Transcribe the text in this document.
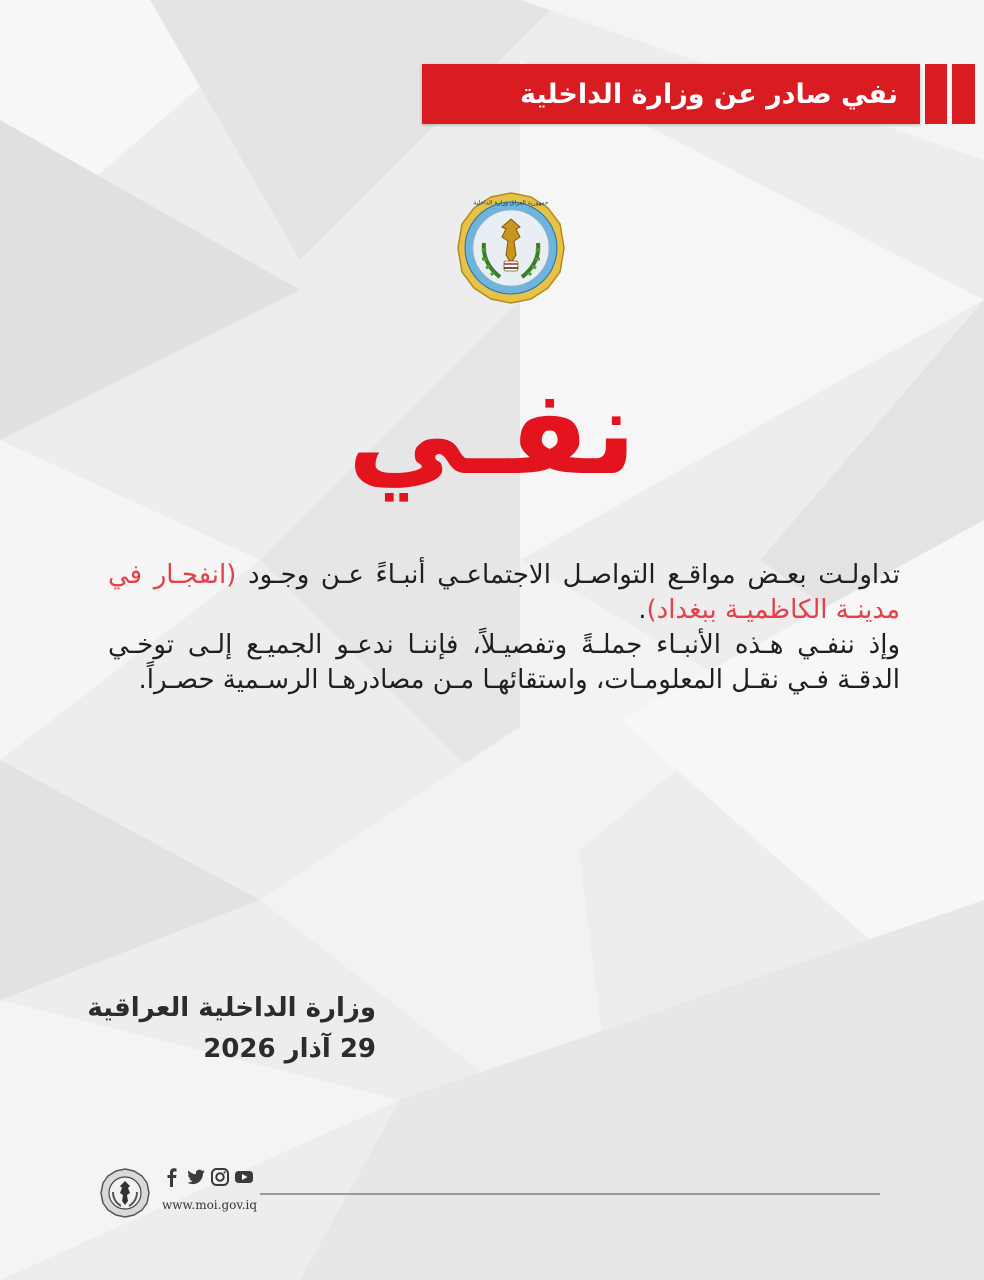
نفي صادر عن وزارة الداخلية
جمهورية العراق وزارة الداخلية
نفـي

تداولـت بعـض مواقـع التواصـل الاجتماعـي أنبـاءً عـن وجـود (انفجـار في مدينـة الكاظميـة ببغداد).

وإذ ننفـي هـذه الأنبـاء جملـةً وتفصيـلاً، فإننـا ندعـو الجميـع إلـى توخـي الدقـة فـي نقـل المعلومـات، واستقائهـا مـن مصادرهـا الرسـمية حصـراً.

وزارة الداخلية العراقية
29 آذار 2026
www.moi.gov.iq
